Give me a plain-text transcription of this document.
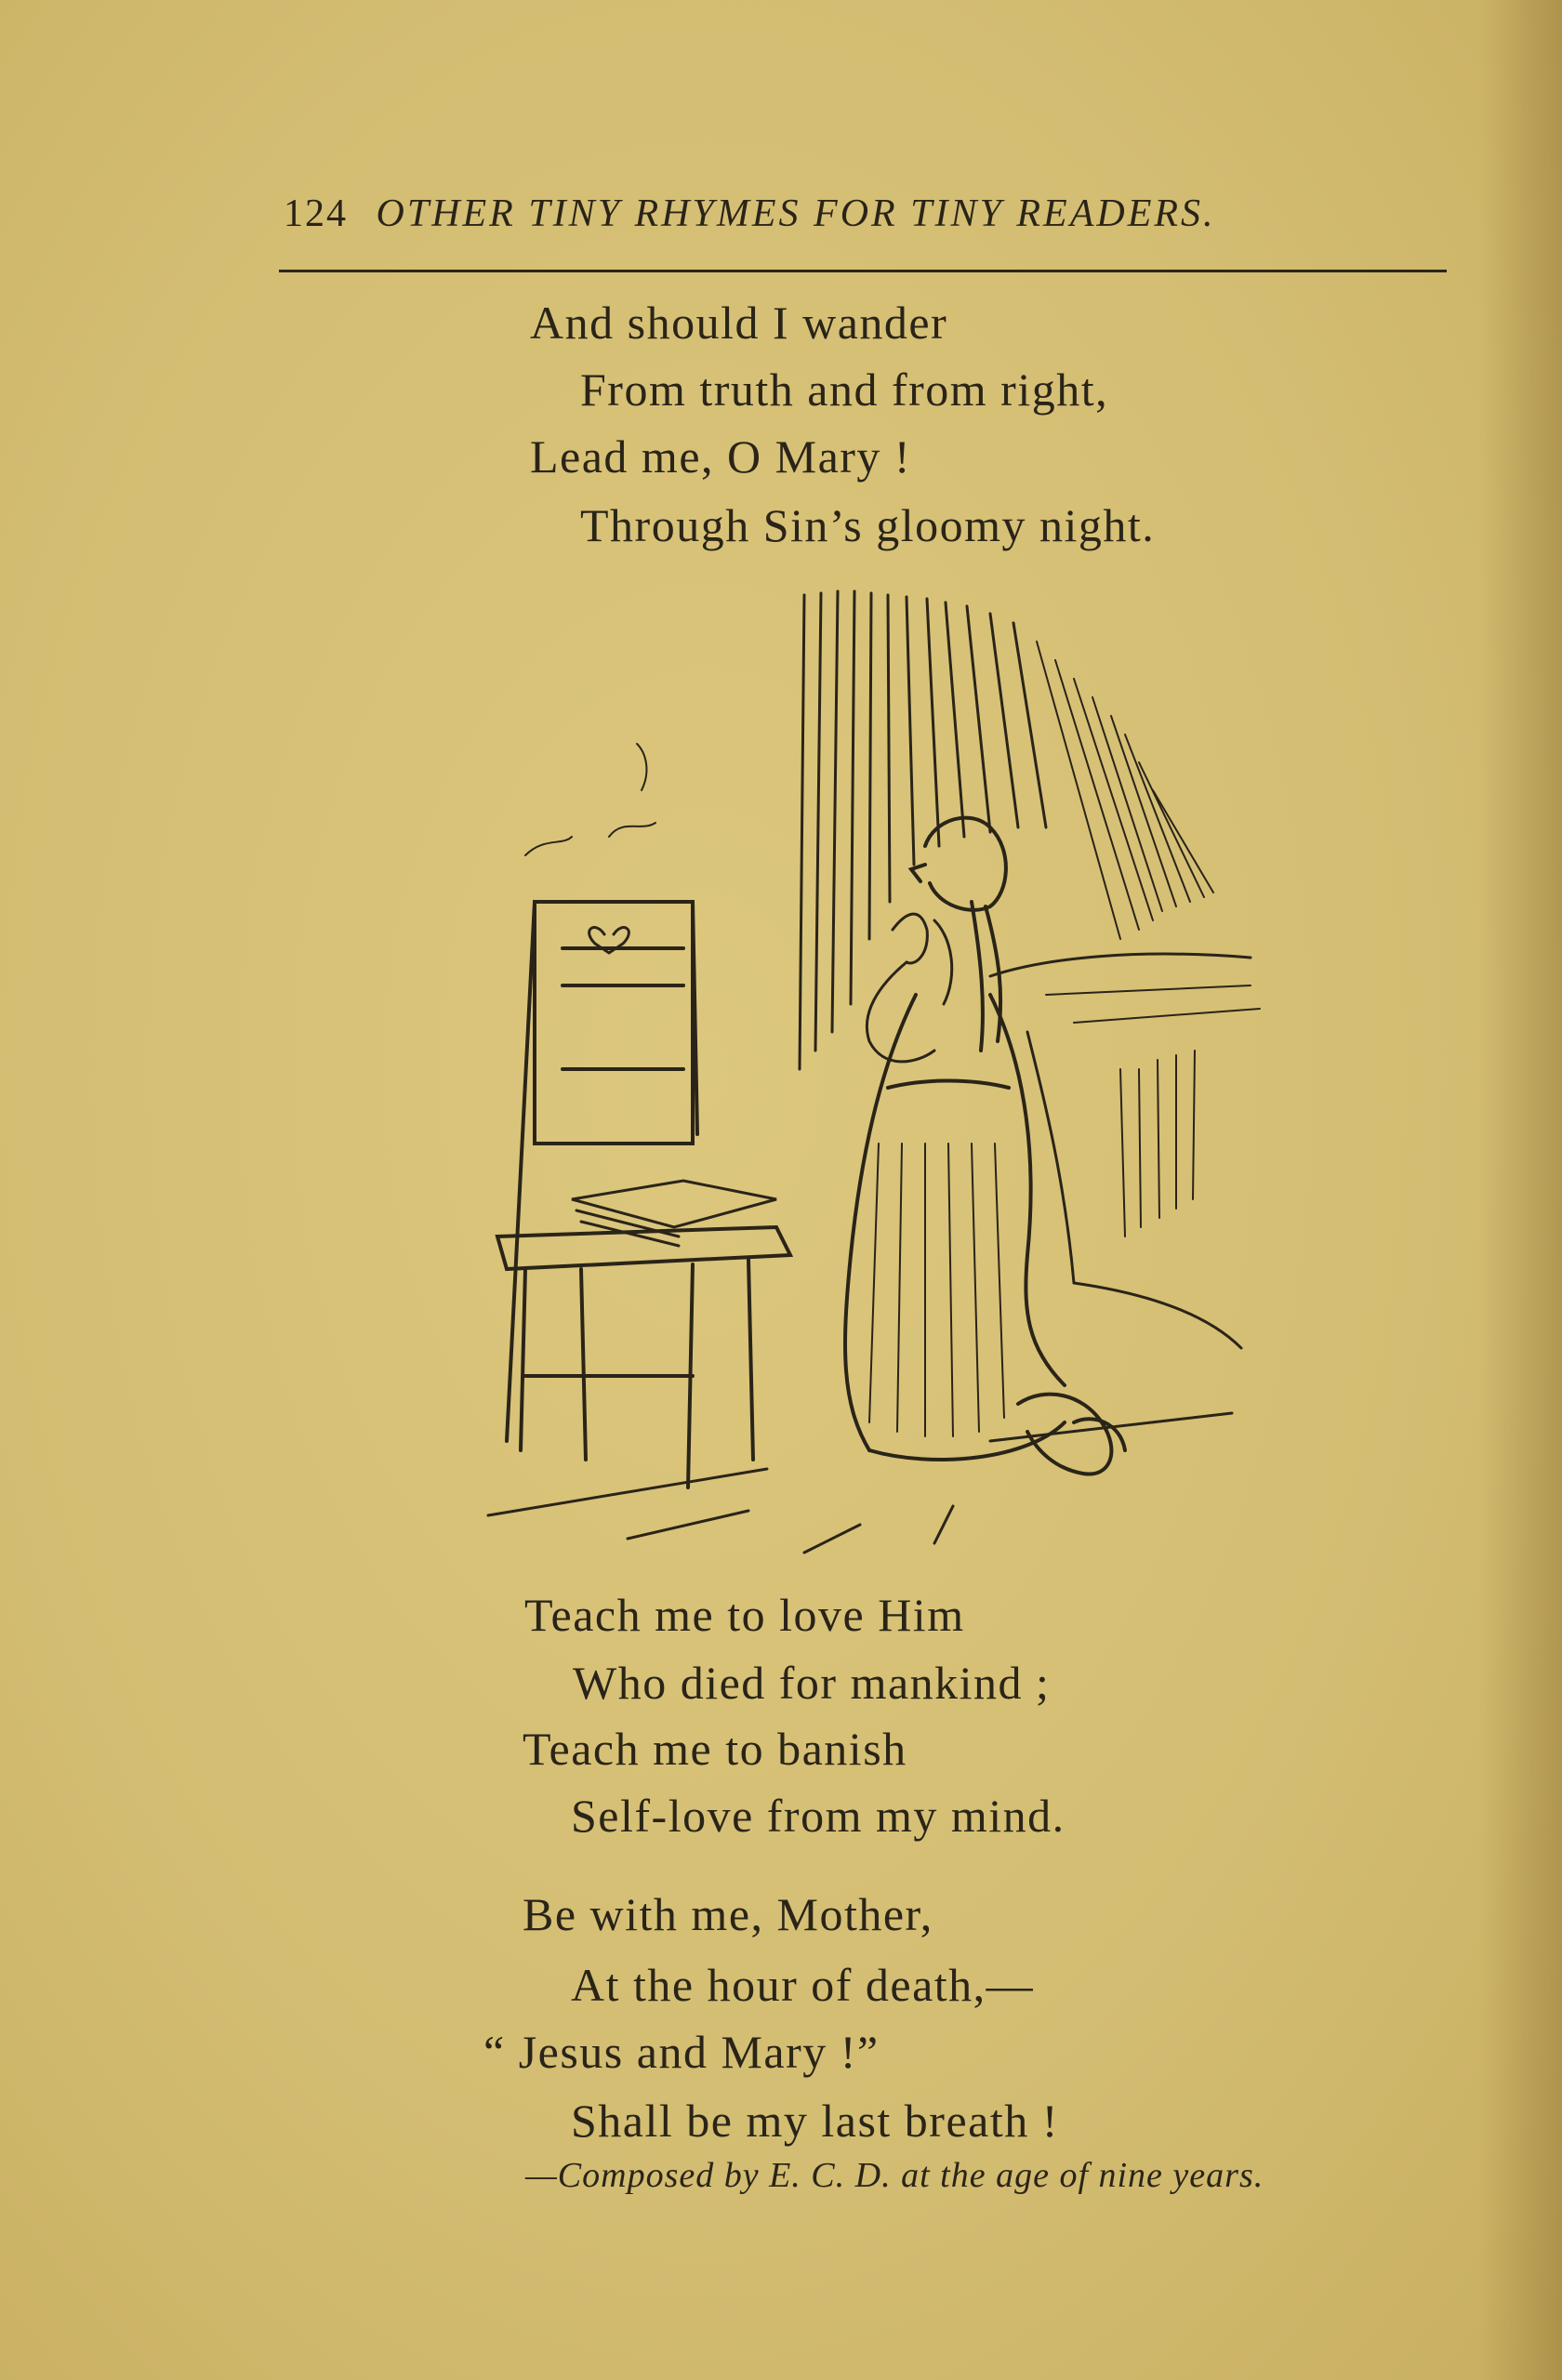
124 OTHER TINY RHYMES FOR TINY READERS.
And should I wander
From truth and from right,
Lead me, O Mary !
Through Sin’s gloomy night.
Teach me to love Him
Who died for mankind ;
Teach me to banish
Self-love from my mind.
Be with me, Mother,
At the hour of death,—
“ Jesus and Mary !”
Shall be my last breath !
—Composed by E. C. D. at the age of nine years.
